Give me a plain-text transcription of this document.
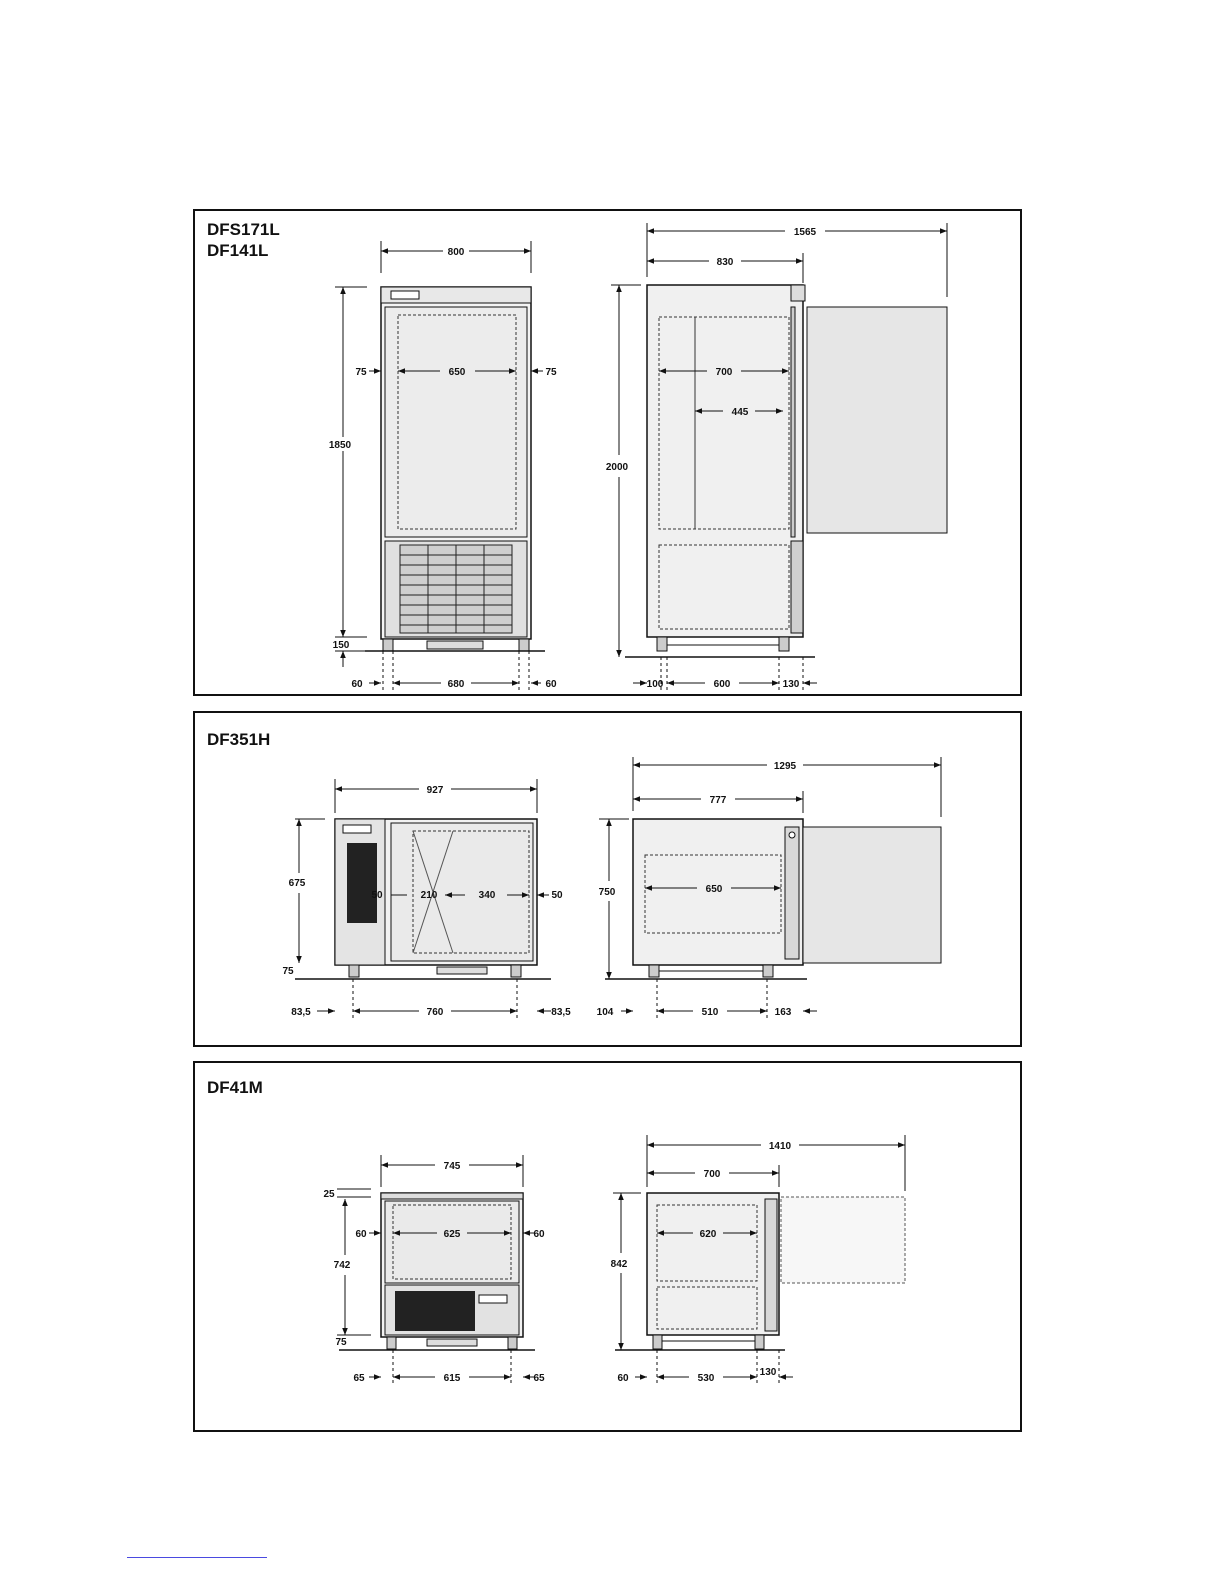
DFS171L
DF141L	800
650
75	75
1850
150
60	680	60
1565
830
700
445
2000
100	600	130
DF351H
927
675
75
50	210	340	50
83,5	760	83,5
1295
777
650
750
104	510	163
DF41M
745
25
625
60	60
742
75
65	615	65
1410
700
620
842
60	530
130
